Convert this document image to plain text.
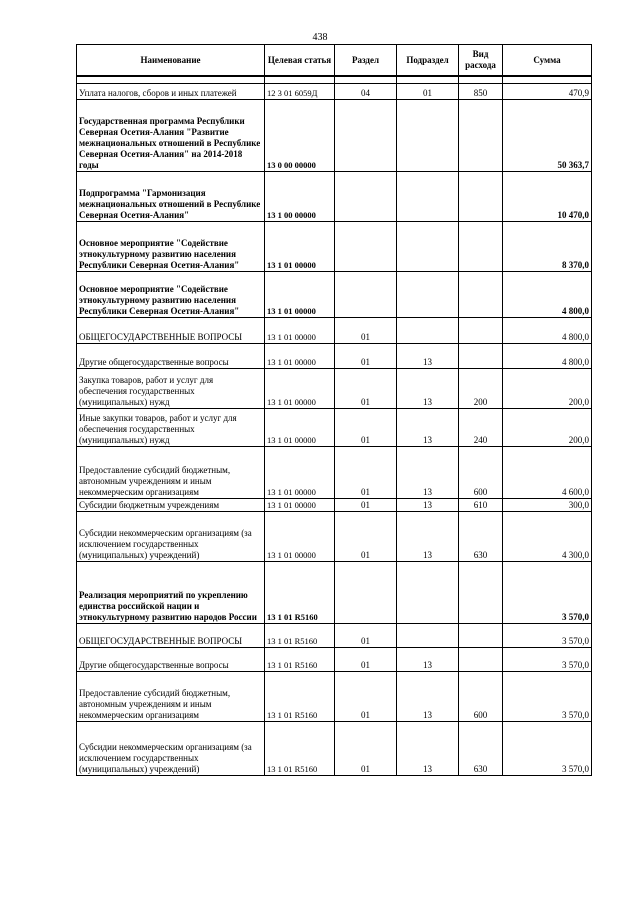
438
Наименование	Целевая статья	Раздел	Подраздел	Вид расхода	Сумма

Уплата налогов, сборов и иных платежей	12 3 01 6059Д	04	01	850	470,9
Государственная программа Республики Северная Осетия-Алания "Развитие межнациональных отношений в Республике Северная Осетия-Алания" на 2014-2018 годы	13 0 00 00000				50 363,7
Подпрограмма "Гармонизация межнациональных отношений в Республике Северная Осетия-Алания"	13 1 00 00000				10 470,0
Основное мероприятие "Содействие этнокультурному развитию населения Республики Северная Осетия-Алания"	13 1 01 00000				8 370,0
Основное мероприятие "Содействие этнокультурному развитию населения Республики Северная Осетия-Алания"	13 1 01 00000				4 800,0
ОБЩЕГОСУДАРСТВЕННЫЕ ВОПРОСЫ	13 1 01 00000	01			4 800,0
Другие общегосударственные вопросы	13 1 01 00000	01	13		4 800,0
Закупка товаров, работ и услуг для обеспечения государственных (муниципальных) нужд	13 1 01 00000	01	13	200	200,0
Иные закупки товаров, работ и услуг для обеспечения государственных (муниципальных) нужд	13 1 01 00000	01	13	240	200,0
Предоставление субсидий бюджетным, автономным учреждениям и иным некоммерческим организациям	13 1 01 00000	01	13	600	4 600,0
Субсидии бюджетным учреждениям	13 1 01 00000	01	13	610	300,0
Субсидии некоммерческим организациям (за исключением государственных (муниципальных) учреждений)	13 1 01 00000	01	13	630	4 300,0
Реализация мероприятий по укреплению единства российской нации и этнокультурному развитию народов России	13 1 01 R5160				3 570,0
ОБЩЕГОСУДАРСТВЕННЫЕ ВОПРОСЫ	13 1 01 R5160	01			3 570,0
Другие общегосударственные вопросы	13 1 01 R5160	01	13		3 570,0
Предоставление субсидий бюджетным, автономным учреждениям и иным некоммерческим организациям	13 1 01 R5160	01	13	600	3 570,0
Субсидии некоммерческим организациям (за исключением государственных (муниципальных) учреждений)	13 1 01 R5160	01	13	630	3 570,0
